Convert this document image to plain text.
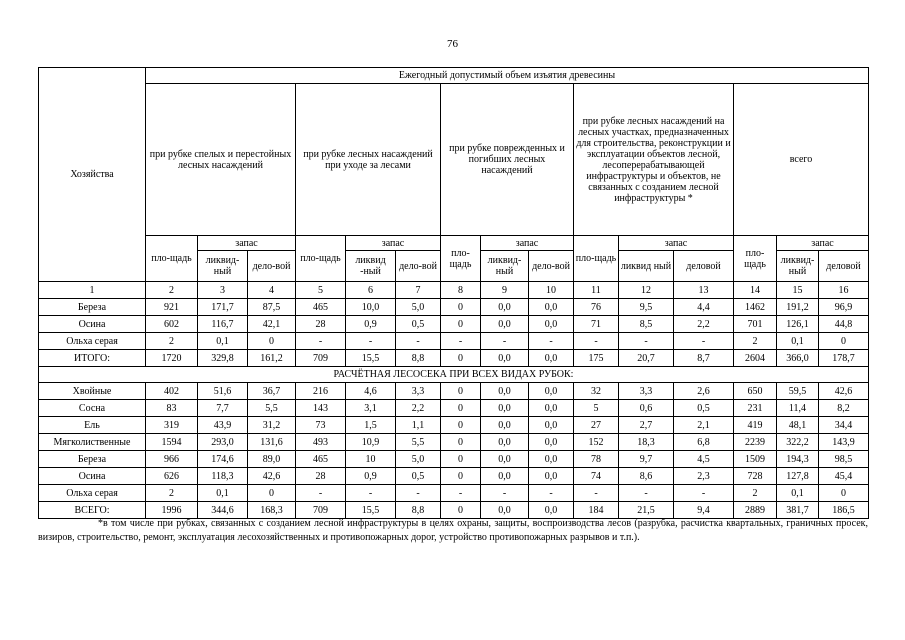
76
Хозяйства	Ежегодный допустимый объем изъятия древесины														
	при рубке спелых и перестойных лесных насаждений			при рубке лесных насаждений при уходе за лесами			при рубке поврежденных и погибших лесных насаждений			при рубке лесных насаждений на лесных участках, предназначенных для строительства, реконструкции и эксплуатации объектов лесной, лесоперерабатывающей инфраструктуры и объектов, не связанных с созданием лесной инфраструктуры *			всего		
	пло-щадь	запас		пло-щадь	запас		пло-щадь	запас		пло-щадь	запас		пло-щадь	запас	
		ликвид-ный	дело-вой		ликвид -ный	дело-вой		ликвид-ный	дело-вой		ликвид ный	деловой		ликвид-ный	деловой
1	2	3	4	5	6	7	8	9	10	11	12	13	14	15	16
Береза	921	171,7	87,5	465	10,0	5,0	0	0,0	0,0	76	9,5	4,4	1462	191,2	96,9
Осина	602	116,7	42,1	28	0,9	0,5	0	0,0	0,0	71	8,5	2,2	701	126,1	44,8
Ольха серая	2	0,1	0	-	-	-	-	-	-	-	-	-	2	0,1	0
ИТОГО:	1720	329,8	161,2	709	15,5	8,8	0	0,0	0,0	175	20,7	8,7	2604	366,0	178,7
РАСЧЁТНАЯ ЛЕСОСЕКА ПРИ ВСЕХ ВИДАХ РУБОК:															
Хвойные	402	51,6	36,7	216	4,6	3,3	0	0,0	0,0	32	3,3	2,6	650	59,5	42,6
Сосна	83	7,7	5,5	143	3,1	2,2	0	0,0	0,0	5	0,6	0,5	231	11,4	8,2
Ель	319	43,9	31,2	73	1,5	1,1	0	0,0	0,0	27	2,7	2,1	419	48,1	34,4
Мягколиственные	1594	293,0	131,6	493	10,9	5,5	0	0,0	0,0	152	18,3	6,8	2239	322,2	143,9
Береза	966	174,6	89,0	465	10	5,0	0	0,0	0,0	78	9,7	4,5	1509	194,3	98,5
Осина	626	118,3	42,6	28	0,9	0,5	0	0,0	0,0	74	8,6	2,3	728	127,8	45,4
Ольха серая	2	0,1	0	-	-	-	-	-	-	-	-	-	2	0,1	0
ВСЕГО:	1996	344,6	168,3	709	15,5	8,8	0	0,0	0,0	184	21,5	9,4	2889	381,7	186,5
*в том числе при рубках, связанных с созданием лесной инфраструктуры в целях охраны, защиты, воспроизводства лесов (разрубка, расчистка квартальных, граничных просек, визиров, строительство, ремонт, эксплуатация лесохозяйственных и противопожарных дорог, устройство противопожарных разрывов и т.п.).
